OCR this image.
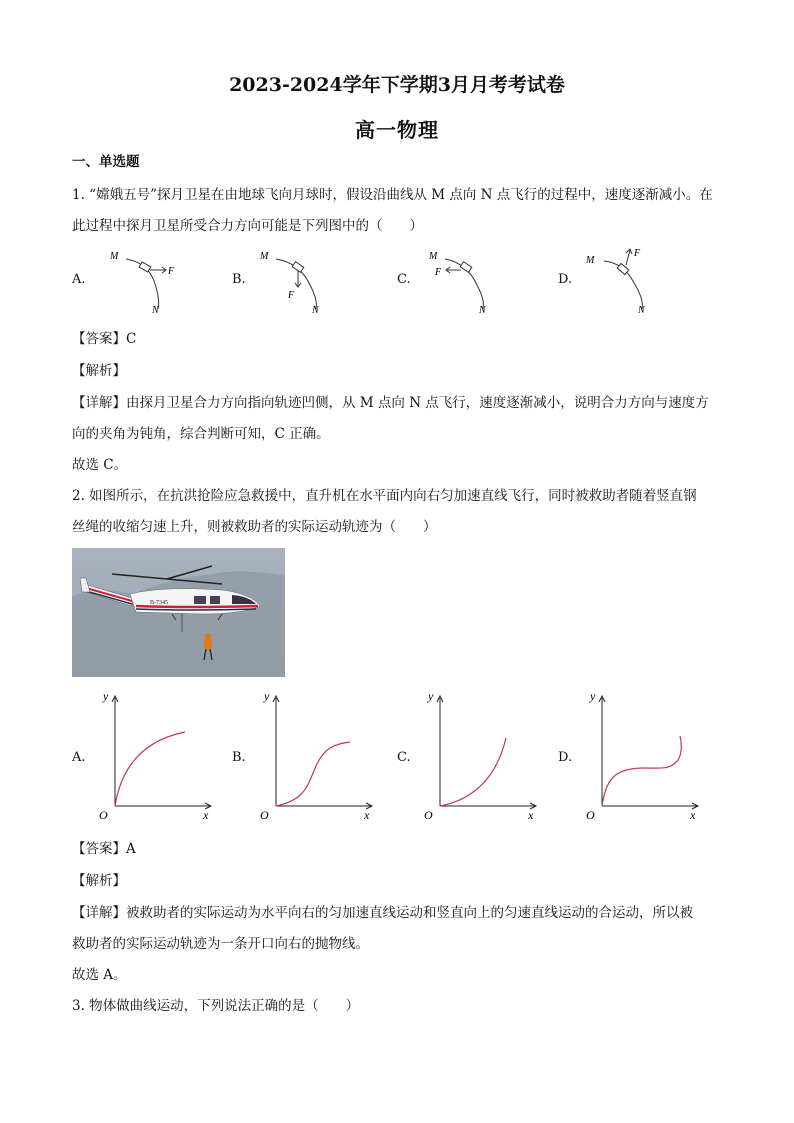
2023-2024学年下学期3月月考考试卷
高一物理
一、单选题
1. “嫦娥五号”探月卫星在由地球飞向月球时，假设沿曲线从 M 点向 N 点飞行的过程中，速度逐渐减小。在
此过程中探月卫星所受合力方向可能是下列图中的（　　）
A.	B.	C.	D.
M
N
F
M
N
F
M
N
F
M
N
F
【答案】C
【解析】
【详解】由探月卫星合力方向指向轨迹凹侧，从 M 点向 N 点飞行，速度逐渐减小，说明合力方向与速度方
向的夹角为钝角，综合判断可知，C 正确。
故选 C。
2. 如图所示，在抗洪抢险应急救援中，直升机在水平面内向右匀加速直线飞行，同时被救助者随着竖直钢
丝绳的收缩匀速上升，则被救助者的实际运动轨迹为（　　）
B-7345
A.	B.	C.	D.
y
x
O
y
x
O
y
x
O
y
x
O
【答案】A
【解析】
【详解】被救助者的实际运动为水平向右的匀加速直线运动和竖直向上的匀速直线运动的合运动，所以被
救助者的实际运动轨迹为一条开口向右的抛物线。
故选 A。
3. 物体做曲线运动，下列说法正确的是（　　）
